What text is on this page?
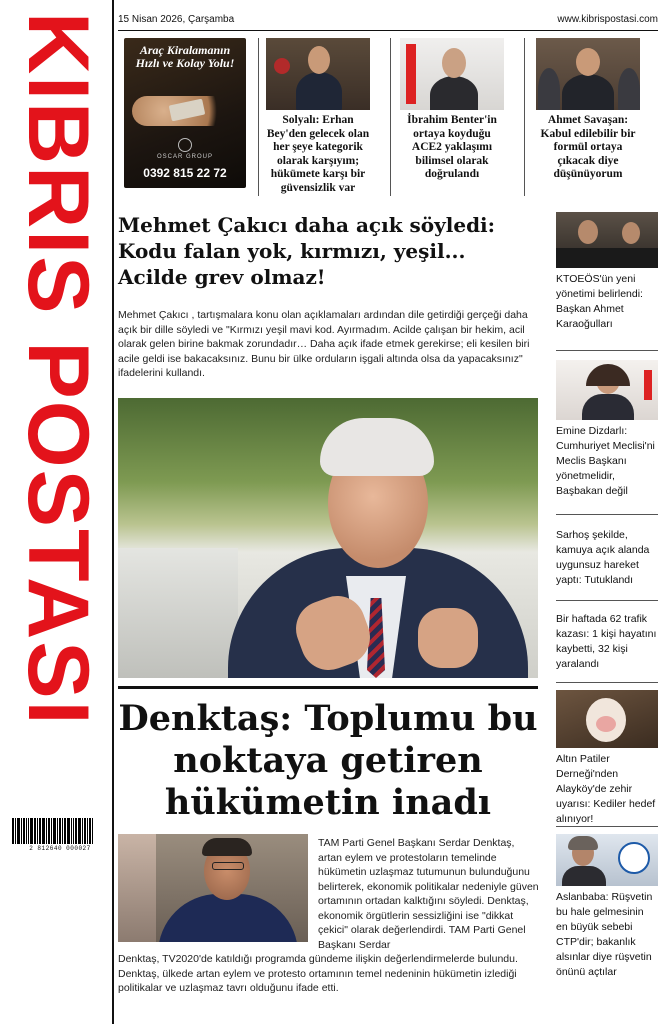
KIBRIS POSTASI
2 812640 000027
15 Nisan 2026, Çarşamba	www.kibrispostasi.com
Araç Kiralamanın Hızlı ve Kolay Yolu!
OSCAR GROUP
0392 815 22 72
Solyalı: Erhan Bey'den gelecek olan her şeye kategorik olarak karşıyım; hükümete karşı bir güvensizlik var
İbrahim Benter'in ortaya koyduğu ACE2 yaklaşımı bilimsel olarak doğrulandı
Ahmet Savaşan: Kabul edilebilir bir formül ortaya çıkacak diye düşünüyorum
Mehmet Çakıcı daha açık söyledi: Kodu falan yok, kırmızı, yeşil... Acilde grev olmaz!

Mehmet Çakıcı , tartışmalara konu olan açıklamaları ardından dile getirdiği gerçeği daha açık bir dille söyledi ve "Kırmızı yeşil mavi kod. Ayırmadım. Acilde çalışan bir hekim, acil olarak gelen birine bakmak zorundadır… Daha açık ifade etmek gerekirse; eli kesilen biri acile geldi ise bakacaksınız. Bunu bir ülke orduların işgali altında olsa da yapacaksınız" ifadelerini kullandı.

Denktaş: Toplumu bu noktaya getiren hükümetin inadı

TAM Parti Genel Başkanı Serdar Denktaş, artan eylem ve protestoların temelinde hükümetin uzlaşmaz tutumunun bulunduğunu belirterek, ekonomik politikalar nedeniyle güven ortamının ortadan kalktığını söyledi. Denktaş, ekonomik örgütlerin sessizliğini ise "dikkat çekici" olarak değerlendirdi. TAM Parti Genel Başkanı Serdar

Denktaş, TV2020'de katıldığı programda gündeme ilişkin değerlendirmelerde bulundu. Denktaş, ülkede artan eylem ve protesto ortamının temel nedeninin hükümetin izlediği politikalar ve uzlaşmaz tavrı olduğunu ifade etti.

KTOEÖS'ün yeni yönetimi belirlendi: Başkan Ahmet Karaoğulları
Emine Dizdarlı: Cumhuriyet Meclisi'ni Meclis Başkanı yönetmelidir, Başbakan değil
Sarhoş şekilde, kamuya açık alanda uygunsuz hareket yaptı: Tutuklandı
Bir haftada 62 trafik kazası: 1 kişi hayatını kaybetti, 32 kişi yaralandı
Altın Patiler Derneği'nden Alayköy'de zehir uyarısı: Kediler hedef alınıyor!
Aslanbaba: Rüşvetin bu hale gelmesinin en büyük sebebi CTP'dir; bakanlık alsınlar diye rüşvetin önünü açtılar
